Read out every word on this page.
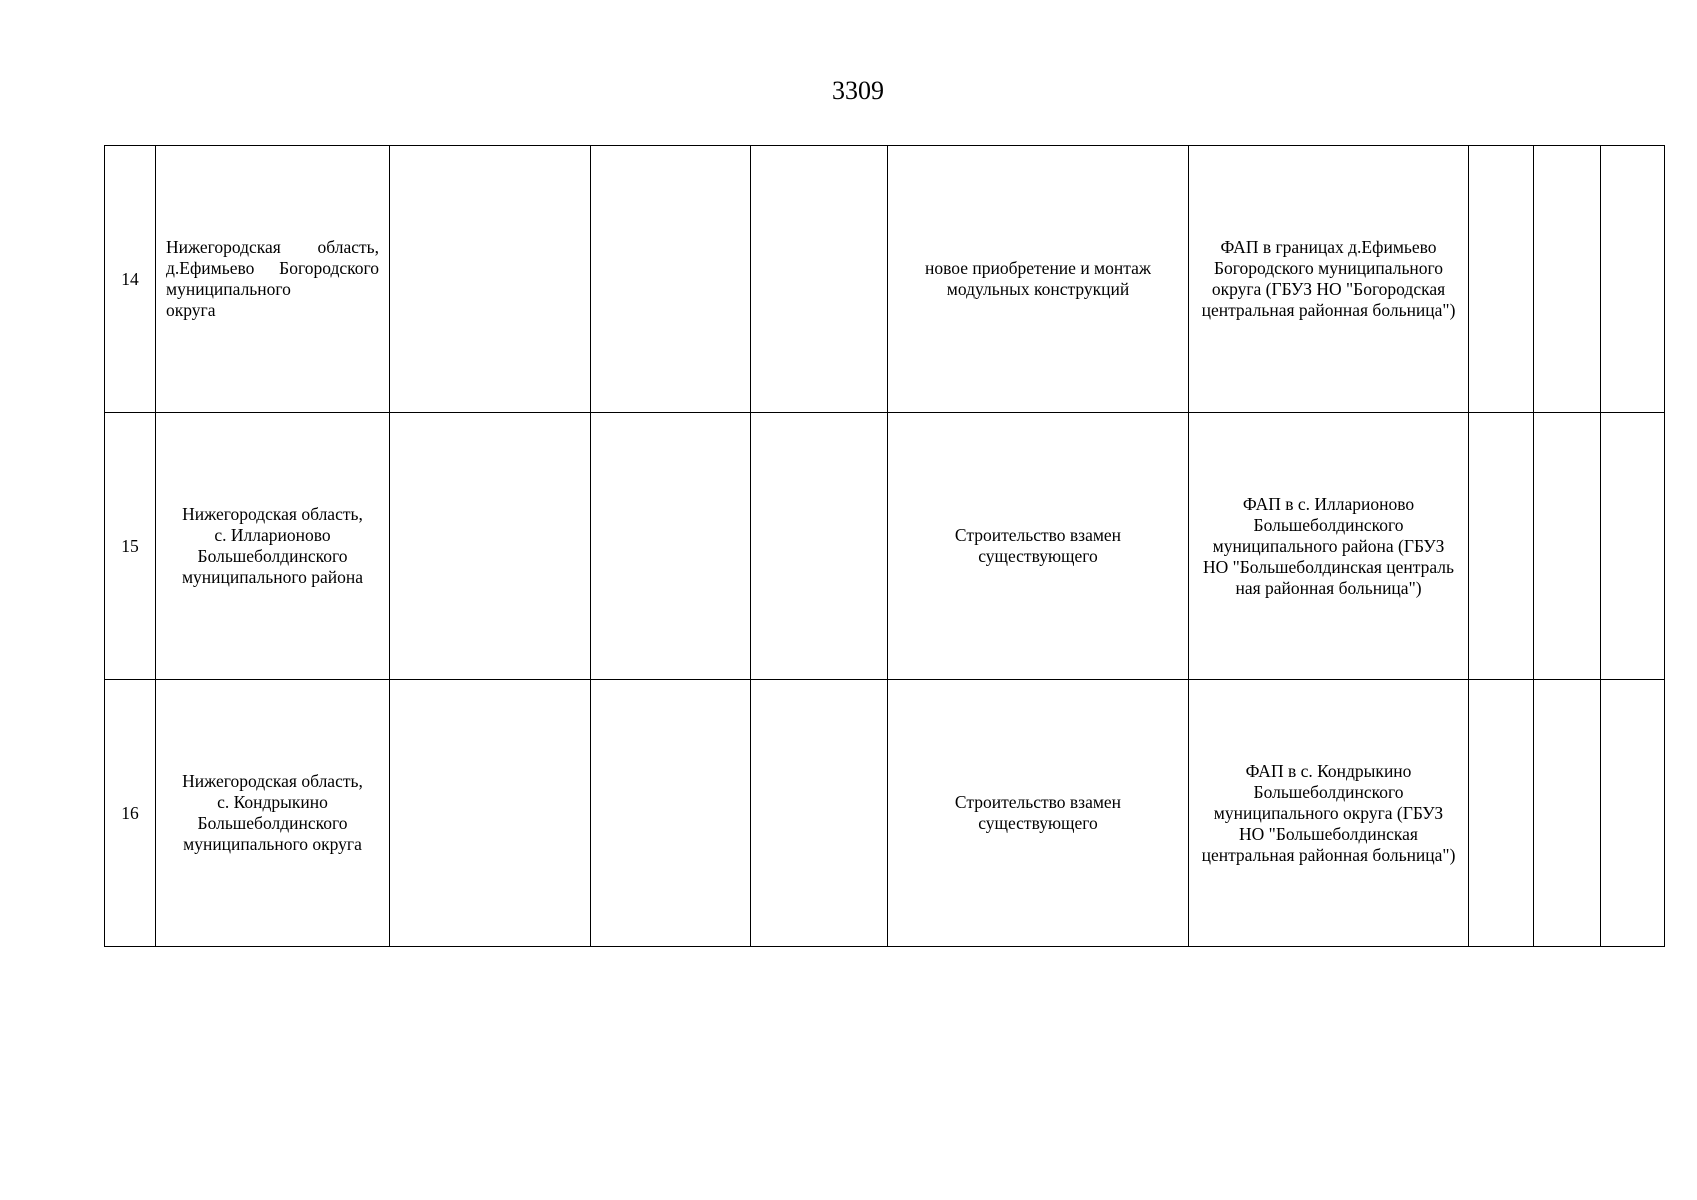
3309
14	Нижегородская область, д.Ефимьево Богородского муниципального
округа				новое приобретение и монтаж модульных конструкций	ФАП в границах д.Ефимьево Богородского муниципального округа (ГБУЗ НО "Богородская центральная районная больница")			
15	Нижегородская область,
с. Илларионово
Большеболдинского
муниципального района				Строительство взамен
существующего	ФАП в с. Илларионово Большеболдинского муниципального района (ГБУЗ НО "Большеболдинская централь ная районная больница")			
16	Нижегородская область,
с. Кондрыкино
Большеболдинского
муниципального округа				Строительство взамен
существующего	ФАП в с. Кондрыкино Большеболдинского муниципального округа (ГБУЗ НО "Большеболдинская центральная районная больница")			
